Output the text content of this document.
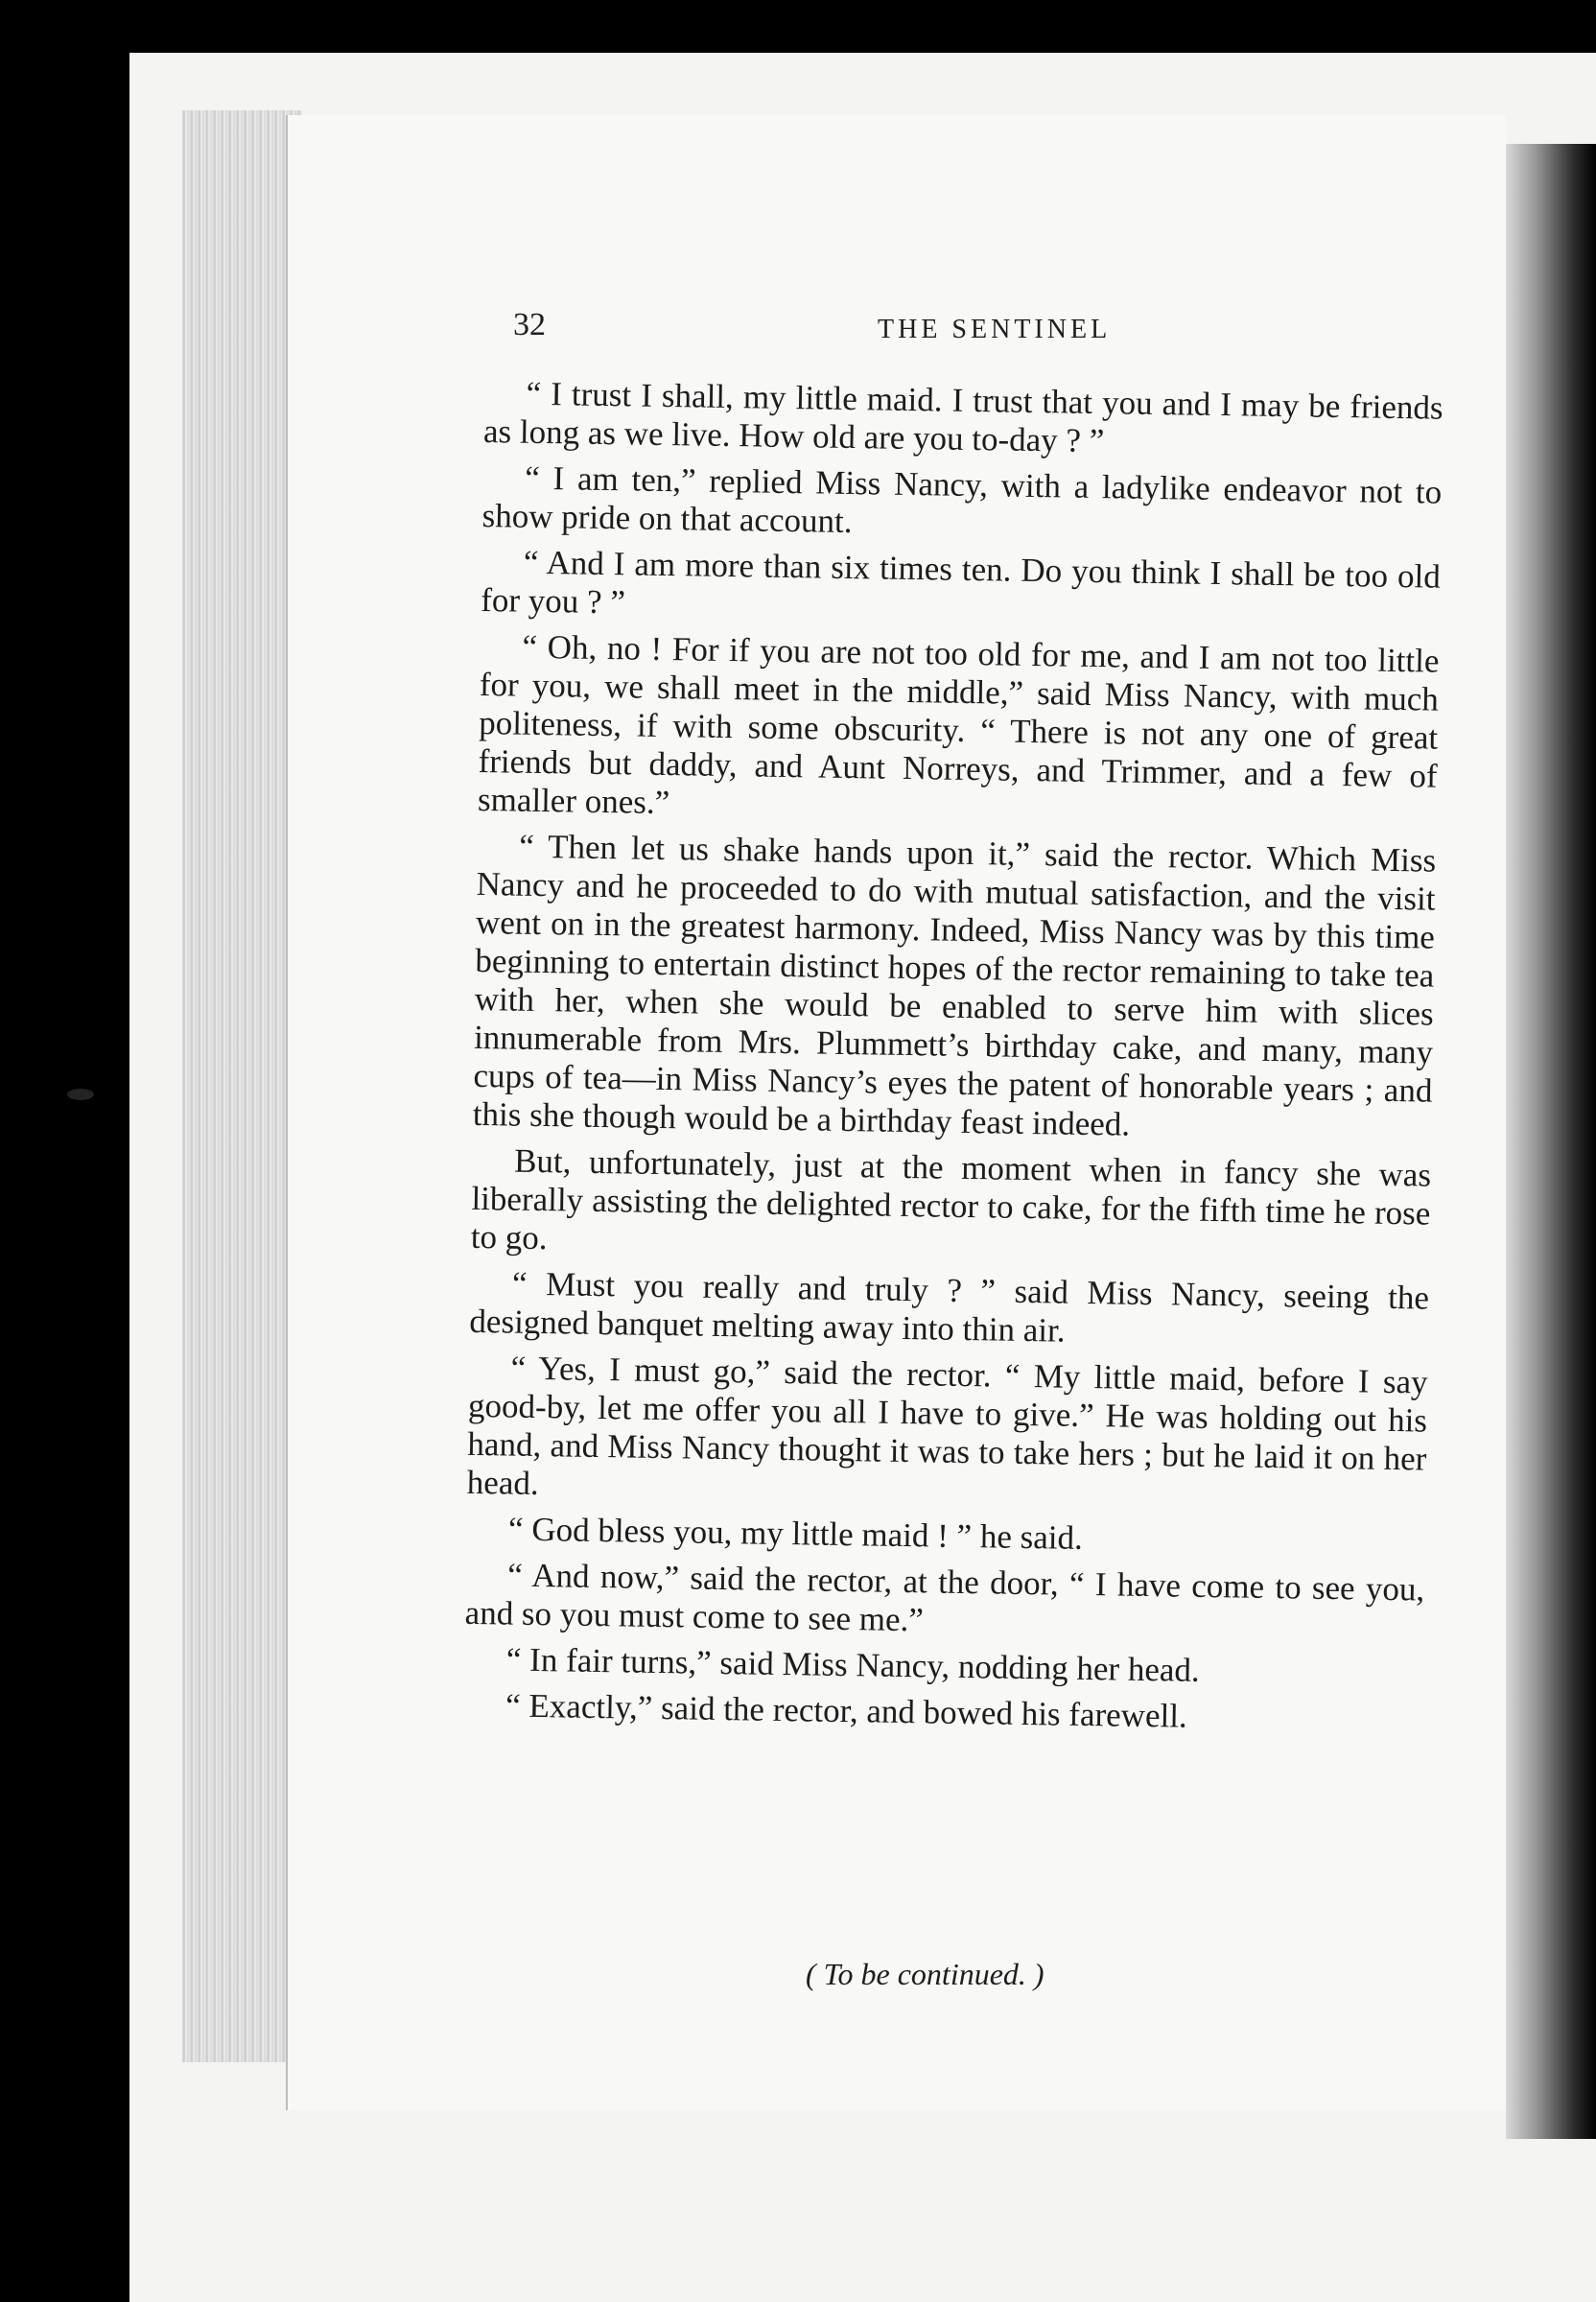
32	THE SENTINEL

“ I trust I shall, my little maid. I trust that you and I may be friends as long as we live. How old are you to-day ? ”

“ I am ten,” replied Miss Nancy, with a ladylike endeavor not to show pride on that account.

“ And I am more than six times ten. Do you think I shall be too old for you ? ”

“ Oh, no ! For if you are not too old for me, and I am not too little for you, we shall meet in the middle,” said Miss Nancy, with much politeness, if with some obscurity. “ There is not any one of great friends but daddy, and Aunt Norreys, and Trimmer, and a few of smaller ones.”

“ Then let us shake hands upon it,” said the rector. Which Miss Nancy and he proceeded to do with mutual satisfaction, and the visit went on in the greatest harmony. Indeed, Miss Nancy was by this time beginning to entertain distinct hopes of the rector remaining to take tea with her, when she would be enabled to serve him with slices innumerable from Mrs. Plummett’s birthday cake, and many, many cups of tea—in Miss Nancy’s eyes the patent of honorable years ; and this she though would be a birthday feast indeed.

But, unfortunately, just at the moment when in fancy she was liberally assisting the delighted rector to cake, for the fifth time he rose to go.

“ Must you really and truly ? ” said Miss Nancy, seeing the designed banquet melting away into thin air.

“ Yes, I must go,” said the rector. “ My little maid, before I say good-by, let me offer you all I have to give.” He was holding out his hand, and Miss Nancy thought it was to take hers ; but he laid it on her head.

“ God bless you, my little maid ! ” he said.

“ And now,” said the rector, at the door, “ I have come to see you, and so you must come to see me.”

“ In fair turns,” said Miss Nancy, nodding her head.

“ Exactly,” said the rector, and bowed his farewell.

( To be continued. )
